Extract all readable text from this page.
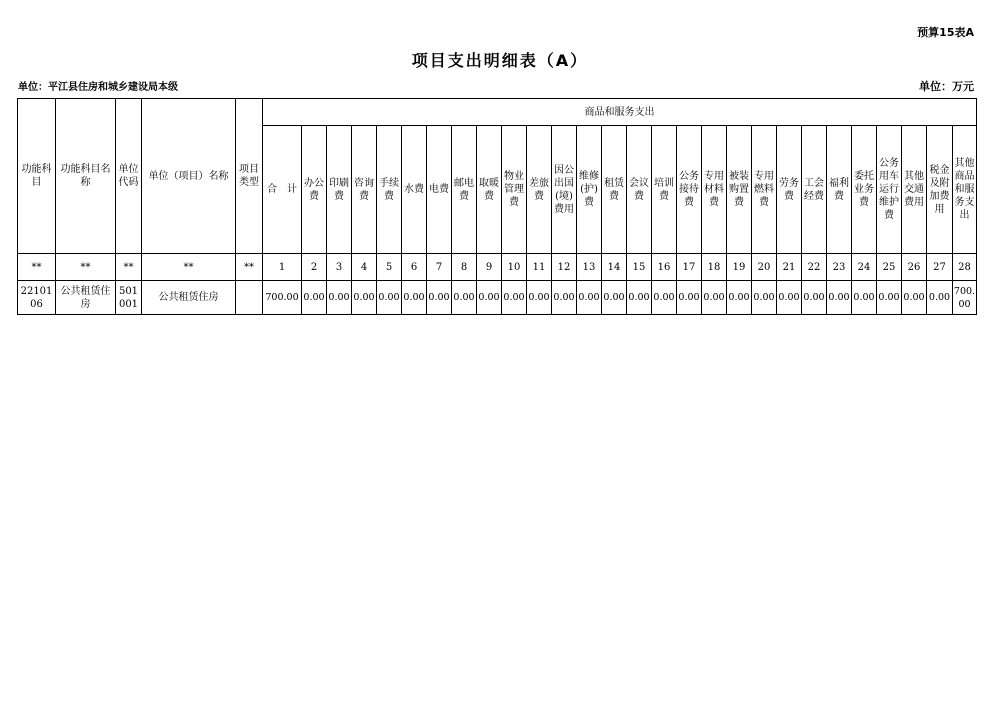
预算15表A
项目支出明细表（A）
单位：平江县住房和城乡建设局本级	单位：万元
功能科目	功能科目名称	单位代码	单位（项目）名称	项目类型	商品和服务支出																											
					合　计	办公费	印刷费	咨询费	手续费	水费	电费	邮电费	取暖费	物业管理费	差旅费	因公出国(境)费用	维修(护)费	租赁费	会议费	培训费	公务接待费	专用材料费	被装购置费	专用燃料费	劳务费	工会经费	福利费	委托业务费	公务用车运行维护费	其他交通费用	税金及附加费用	其他商品和服务支出
**	**	**	**	**	1	2	3	4	5	6	7	8	9	10	11	12	13	14	15	16	17	18	19	20	21	22	23	24	25	26	27	28
2210106	公共租赁住房	501001	公共租赁住房		700.00	0.00	0.00	0.00	0.00	0.00	0.00	0.00	0.00	0.00	0.00	0.00	0.00	0.00	0.00	0.00	0.00	0.00	0.00	0.00	0.00	0.00	0.00	0.00	0.00	0.00	0.00	700.00
